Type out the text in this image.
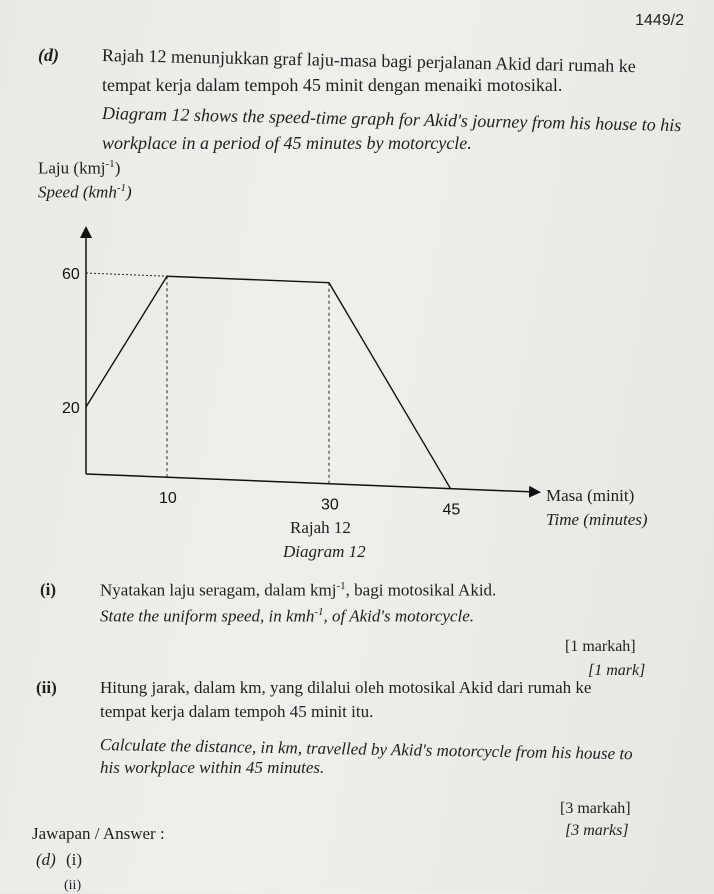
1449/2
(d) Rajah 12 menunjukkan graf laju-masa bagi perjalanan Akid dari rumah ke
tempat kerja dalam tempoh 45 minit dengan menaiki motosikal.
Diagram 12 shows the speed-time graph for Akid's journey from his house to his
workplace in a period of 45 minutes by motorcycle.
Laju (kmj$^{-1}$)
Speed (kmh$^{-1}$)
10	30	45
60
20
Masa (minit)
Time (minutes)
Rajah 12
Diagram 12
(i)	Nyatakan laju seragam, dalam kmj$^{-1}$, bagi motosikal Akid.
State the uniform speed, in kmh$^{-1}$, of Akid's motorcycle.
[1 markah]
[1 mark]
(ii)	Hitung jarak, dalam km, yang dilalui oleh motosikal Akid dari rumah ke
tempat kerja dalam tempoh 45 minit itu.
Calculate the distance, in km, travelled by Akid's motorcycle from his house to
his workplace within 45 minutes.
[3 markah]
[3 marks]
Jawapan / Answer :
(d) (i)
(ii)
